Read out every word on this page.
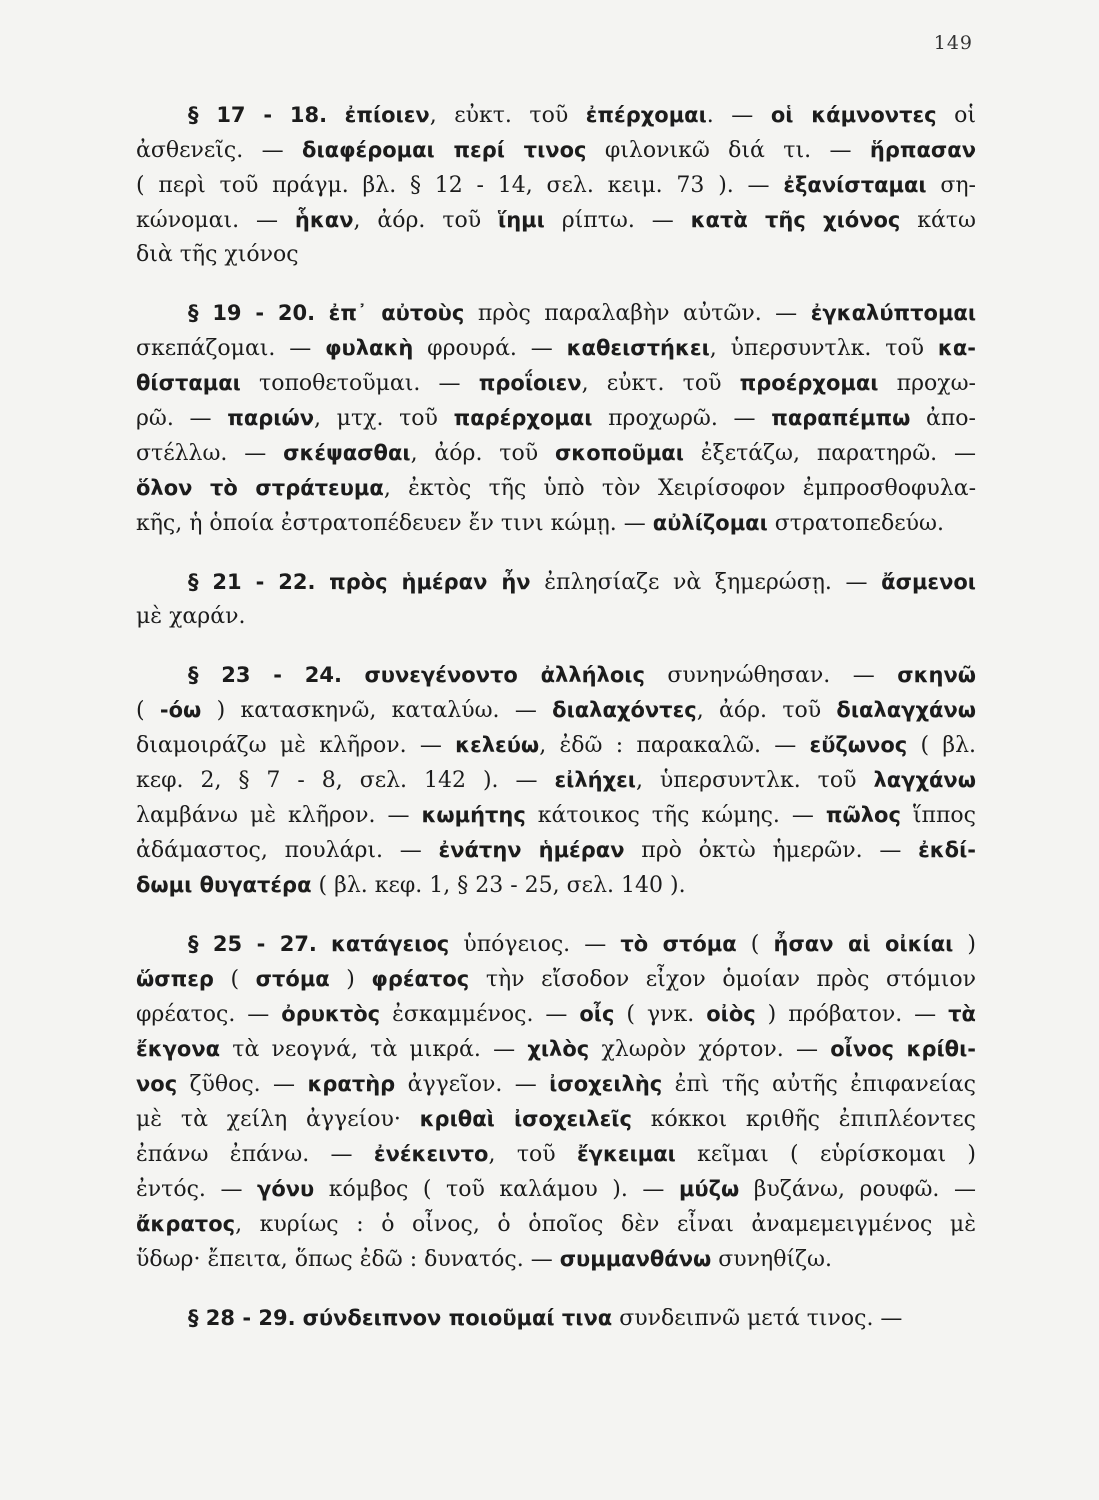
149
§ 17 - 18. ἐπίοιεν, εὐκτ. τοῦ ἐπέρχομαι. — οἱ κάμνοντες οἱ
ἀσθενεῖς. — διαφέρομαι περί τινος φιλονικῶ διά τι. — ἥρπασαν
( περὶ τοῦ πράγμ. βλ. § 12 - 14, σελ. κειμ. 73 ). — ἐξανίσταμαι ση-
κώνομαι. — ἧκαν, ἀόρ. τοῦ ἵημι ρίπτω. — κατὰ τῆς χιόνος κάτω
διὰ τῆς χιόνος
§ 19 - 20. ἐπ᾽ αὐτοὺς πρὸς παραλαβὴν αὐτῶν. — ἐγκαλύπτομαι
σκεπάζομαι. — φυλακὴ φρουρά. — καθειστήκει, ὑπερσυντλκ. τοῦ κα-
θίσταμαι τοποθετοῦμαι. — προΐοιεν, εὐκτ. τοῦ προέρχομαι προχω-
ρῶ. — παριών, μτχ. τοῦ παρέρχομαι προχωρῶ. — παραπέμπω ἀπο-
στέλλω. — σκέψασθαι, ἀόρ. τοῦ σκοποῦμαι ἐξετάζω, παρατηρῶ. —
ὅλον τὸ στράτευμα, ἐκτὸς τῆς ὑπὸ τὸν Χειρίσοφον ἐμπροσθοφυλα-
κῆς, ἡ ὁποία ἐστρατοπέδευεν ἔν τινι κώμῃ. — αὐλίζομαι στρατοπεδεύω.
§ 21 - 22. πρὸς ἡμέραν ἦν ἐπλησίαζε νὰ ξημερώσῃ. — ἄσμενοι
μὲ χαράν.
§ 23 - 24. συνεγένοντο ἀλλήλοις συνηνώθησαν. — σκηνῶ
( -όω ) κατασκηνῶ, καταλύω. — διαλαχόντες, ἀόρ. τοῦ διαλαγχάνω
διαμοιράζω μὲ κλῆρον. — κελεύω, ἐδῶ : παρακαλῶ. — εὔζωνος ( βλ.
κεφ. 2, § 7 - 8, σελ. 142 ). — εἰλήχει, ὑπερσυντλκ. τοῦ λαγχάνω
λαμβάνω μὲ κλῆρον. — κωμήτης κάτοικος τῆς κώμης. — πῶλος ἵππος
ἀδάμαστος, πουλάρι. — ἐνάτην ἡμέραν πρὸ ὀκτὼ ἡμερῶν. — ἐκδί-
δωμι θυγατέρα ( βλ. κεφ. 1, § 23 - 25, σελ. 140 ).
§ 25 - 27. κατάγειος ὑπόγειος. — τὸ στόμα ( ἦσαν αἱ οἰκίαι )
ὥσπερ ( στόμα ) φρέατος τὴν εἴσοδον εἶχον ὁμοίαν πρὸς στόμιον
φρέατος. — ὀρυκτὸς ἐσκαμμένος. — οἶς ( γνκ. οἰὸς ) πρόβατον. — τὰ
ἔκγονα τὰ νεογνά, τὰ μικρά. — χιλὸς χλωρὸν χόρτον. — οἶνος κρίθι-
νος ζῦθος. — κρατὴρ ἀγγεῖον. — ἰσοχειλὴς ἐπὶ τῆς αὐτῆς ἐπιφανείας
μὲ τὰ χείλη ἀγγείου· κριθαὶ ἰσοχειλεῖς κόκκοι κριθῆς ἐπιπλέοντες
ἐπάνω ἐπάνω. — ἐνέκειντο, τοῦ ἔγκειμαι κεῖμαι ( εὑρίσκομαι )
ἐντός. — γόνυ κόμβος ( τοῦ καλάμου ). — μύζω βυζάνω, ρουφῶ. —
ἄκρατος, κυρίως : ὁ οἶνος, ὁ ὁποῖος δὲν εἶναι ἀναμεμειγμένος μὲ
ὕδωρ· ἔπειτα, ὅπως ἐδῶ : δυνατός. — συμμανθάνω συνηθίζω.
§ 28 - 29. σύνδειπνον ποιοῦμαί τινα συνδειπνῶ μετά τινος. —
